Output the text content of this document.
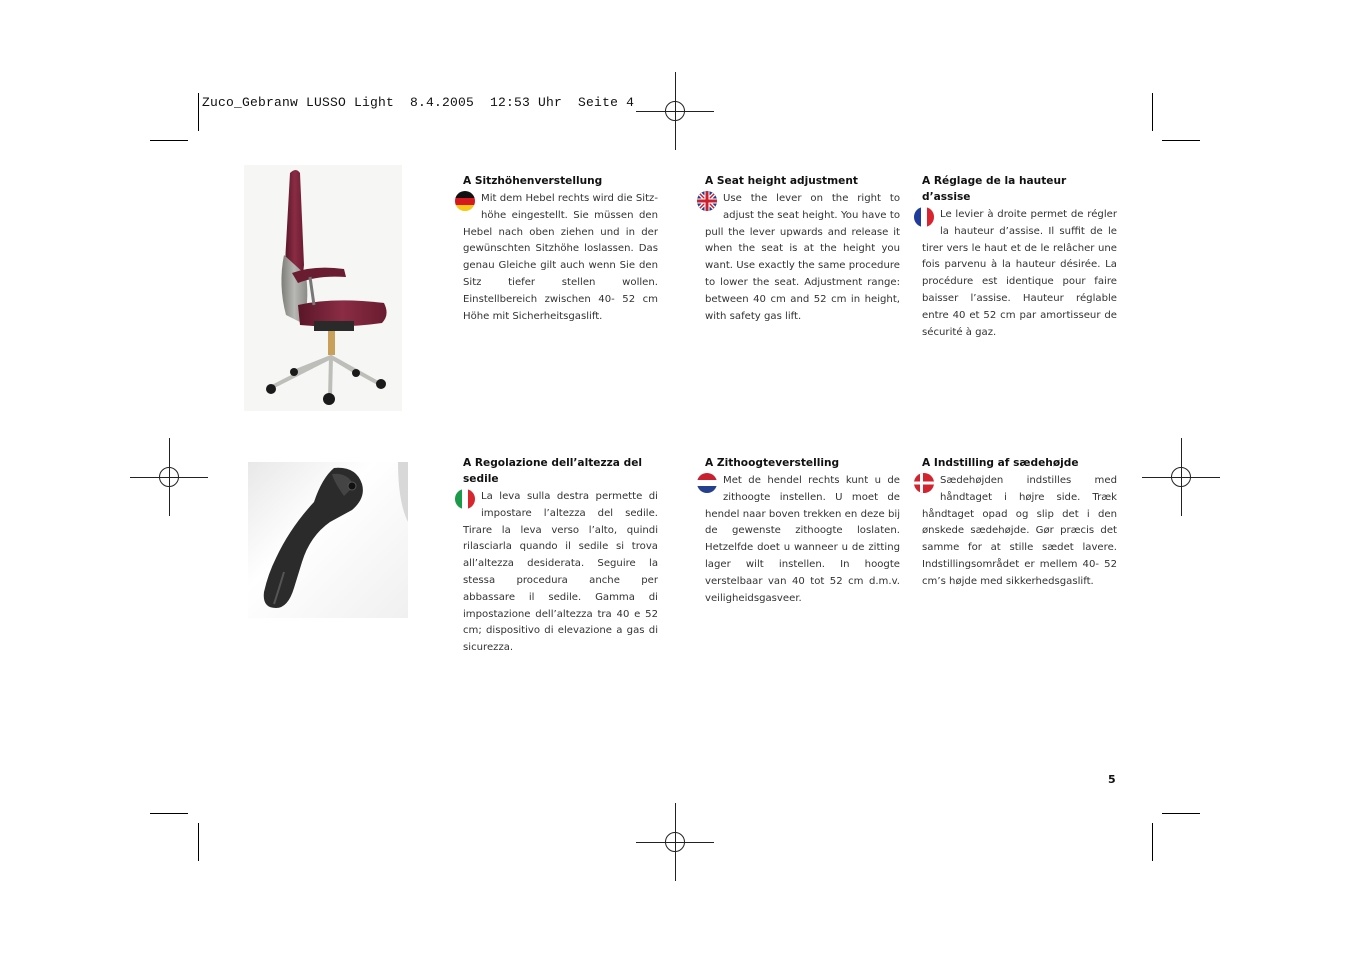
Zuco_Gebranw LUSSO Light  8.4.2005  12:53 Uhr  Seite 4
A Sitzhöhenverstellung

Mit dem Hebel rechts wird die Sitzhöhe eingestellt. Sie müssen den Hebel nach oben ziehen und in der gewünschten Sitzhöhe loslassen. Das genau Gleiche gilt auch wenn Sie den Sitz tiefer stellen wollen. Einstellbereich zwischen 40- 52 cm Höhe mit Sicherheitsgaslift.

A Seat height adjustment

Use the lever on the right to adjust the seat height. You have to pull the lever upwards and release it when the seat is at the height you want. Use exactly the same procedure to lower the seat. Adjustment range: between 40 cm and 52 cm in height, with safety gas lift.

A Réglage de la hauteur d’assise

Le levier à droite permet de régler la hauteur d’assise. Il suffit de le tirer vers le haut et de le relâcher une fois parvenu à la hauteur désirée. La procédure est identique pour faire baisser l’assise. Hauteur réglable entre 40 et 52 cm par amortisseur de sécurité à gaz.

A Regolazione dell’altezza del sedile

La leva sulla destra permette di impostare l’altezza del sedile. Tirare la leva verso l’alto, quindi rilasciarla quando il sedile si trova all’altezza desiderata. Seguire la stessa procedura anche per abbassare il sedile. Gamma di impostazione dell’altezza tra 40 e 52 cm; dispositivo di elevazione a gas di sicurezza.

A Zithoogteverstelling

Met de hendel rechts kunt u de zithoogte instellen. U moet de hendel naar boven trekken en deze bij de gewenste zithoogte loslaten. Hetzelfde doet u wanneer u de zitting lager wilt instellen. In hoogte verstelbaar van 40 tot 52 cm d.m.v. veiligheidsgasveer.

A Indstilling af sædehøjde

Sædehøjden indstilles med håndtaget i højre side. Træk håndtaget opad og slip det i den ønskede sædehøjde. Gør præcis det samme for at stille sædet lavere. Indstillingsområdet er mellem 40- 52 cm’s højde med sikkerhedsgaslift.

5
